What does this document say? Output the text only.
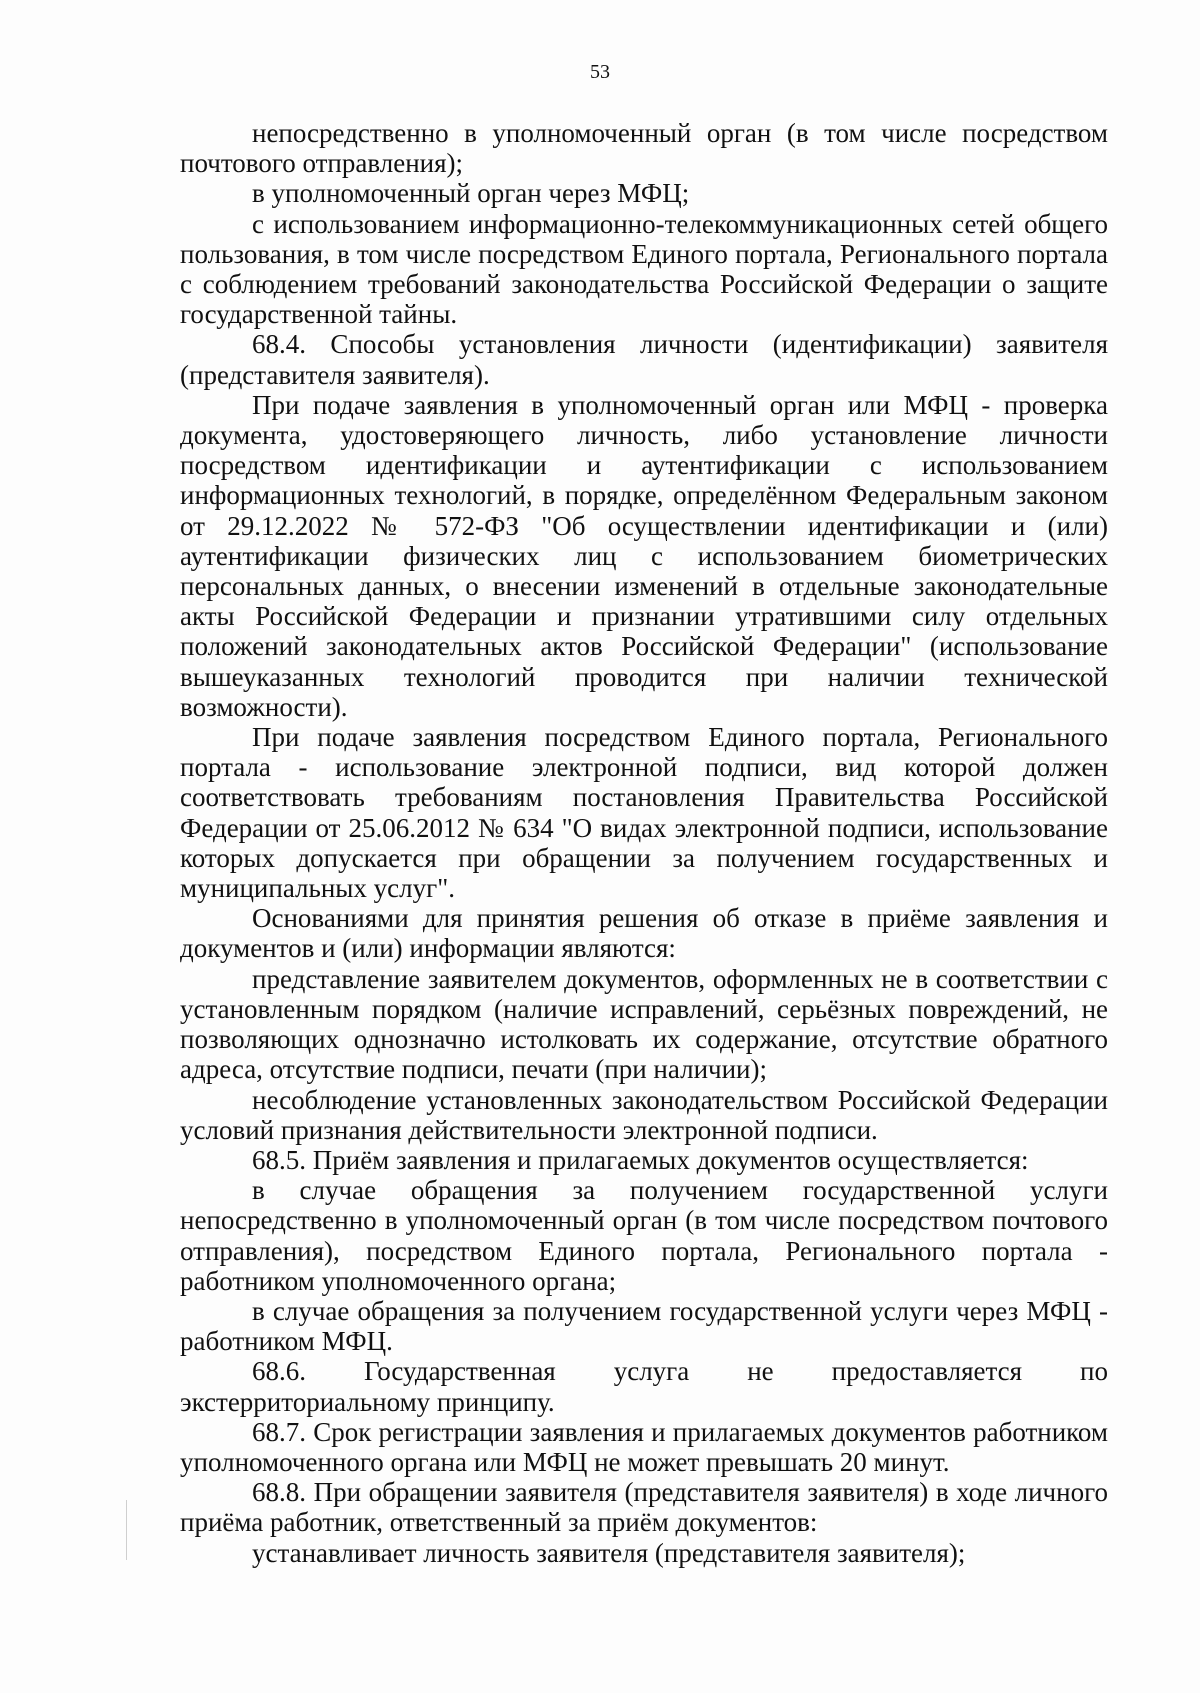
53

непосредственно в уполномоченный орган (в том числе посредством почтового отправления);

в уполномоченный орган через МФЦ;

с использованием информационно-телекоммуникационных сетей общего пользования, в том числе посредством Единого портала, Регионального портала с соблюдением требований законодательства Российской Федерации о защите государственной тайны.

68.4. Способы установления личности (идентификации) заявителя (представителя заявителя).

При подаче заявления в уполномоченный орган или МФЦ - проверка документа, удостоверяющего личность, либо установление личности посредством идентификации и аутентификации с использованием информационных технологий, в порядке, определённом Федеральным законом от 29.12.2022 № 572-ФЗ "Об осуществлении идентификации и (или) аутентификации физических лиц с использованием биометрических персональных данных, о внесении изменений в отдельные законодательные акты Российской Федерации и признании утратившими силу отдельных положений законодательных актов Российской Федерации" (использование вышеуказанных технологий проводится при наличии технической возможности).

При подаче заявления посредством Единого портала, Регионального портала - использование электронной подписи, вид которой должен соответствовать требованиям постановления Правительства Российской Федерации от 25.06.2012 № 634 "О видах электронной подписи, использование которых допускается при обращении за получением государственных и муниципальных услуг".

Основаниями для принятия решения об отказе в приёме заявления и документов и (или) информации являются:

представление заявителем документов, оформленных не в соответствии с установленным порядком (наличие исправлений, серьёзных повреждений, не позволяющих однозначно истолковать их содержание, отсутствие обратного адреса, отсутствие подписи, печати (при наличии);

несоблюдение установленных законодательством Российской Федерации условий признания действительности электронной подписи.

68.5. Приём заявления и прилагаемых документов осуществляется:

в случае обращения за получением государственной услуги непосредственно в уполномоченный орган (в том числе посредством почтового отправления), посредством Единого портала, Регионального портала - работником уполномоченного органа;

в случае обращения за получением государственной услуги через МФЦ - работником МФЦ.

68.6. Государственная услуга не предоставляется по экстерриториальному принципу.

68.7. Срок регистрации заявления и прилагаемых документов работником уполномоченного органа или МФЦ не может превышать 20 минут.

68.8. При обращении заявителя (представителя заявителя) в ходе личного приёма работник, ответственный за приём документов:

устанавливает личность заявителя (представителя заявителя);
